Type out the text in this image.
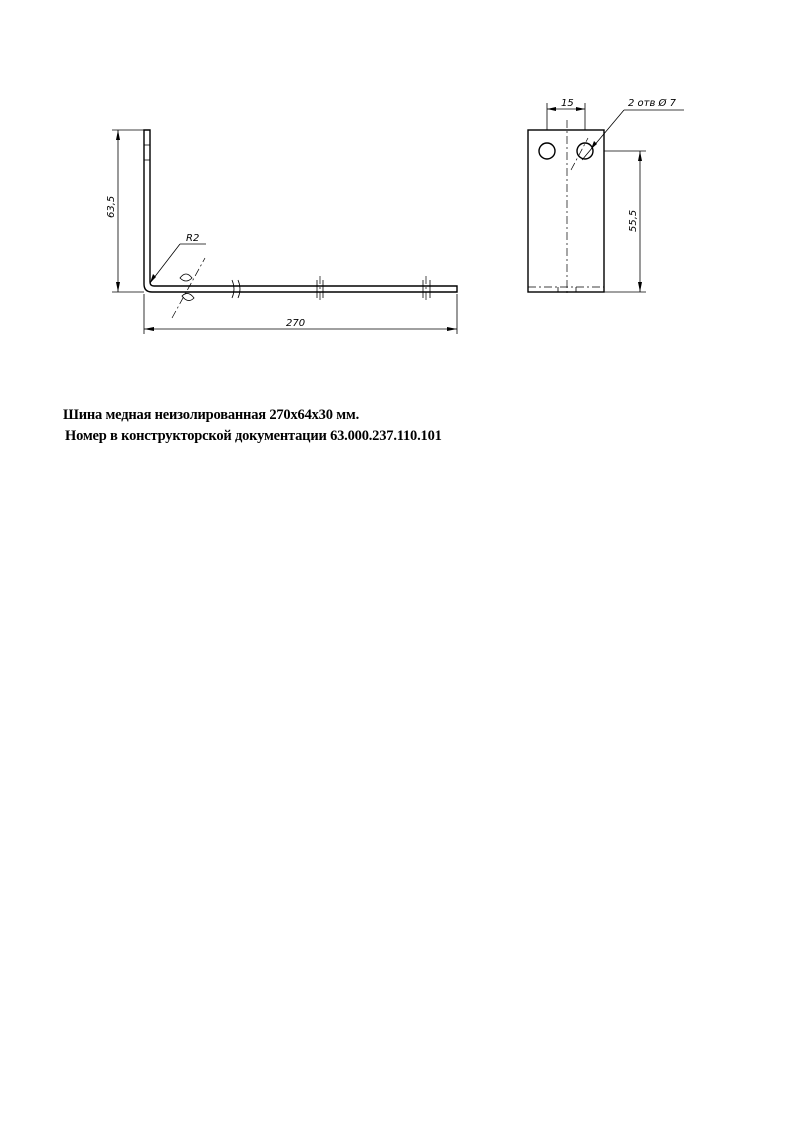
63,5
R2
270
15	2 отв Ø 7
55,5
Шина медная неизолированная 270х64х30 мм.
Номер в конструкторской документации 63.000.237.110.101
